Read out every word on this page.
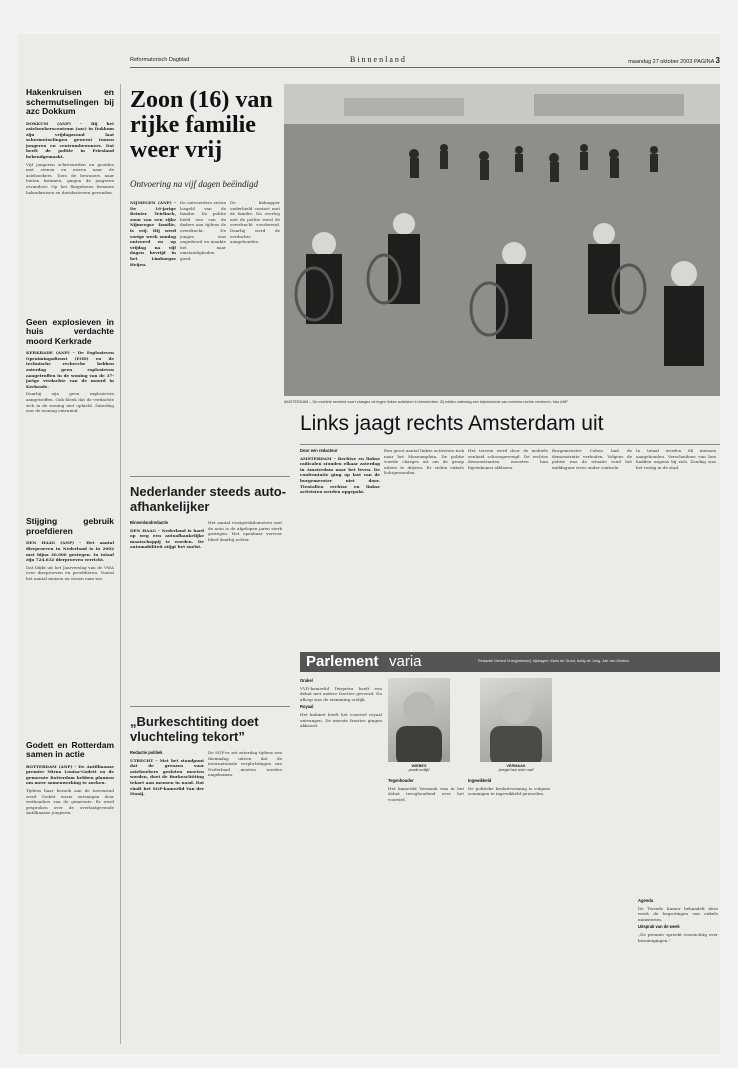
Reformatorisch Dagblad	Binnenland	maandag 27 oktober 2003 PAGINA 3
Hakenkruisen en schermutselingen bij azc Dokkum

DOKKUM (ANP) – Bij het asielzoekerscentrum (azc) in Dokkum zijn vrijdagavond laat schermutselingen geweest tussen jongeren en centrumbewoners. Dat heeft de politie in Friesland bekendgemaakt.

Vijf jongeren schreeuwden en gooiden met stenen en eieren naar de asielzoekers. Toen de bewoners naar buiten kwamen, gingen de jongeren ervandoor. Op het flatgebouw kwamen hakenkruisen en davidssterren gevonden.

Geen explosieven in huis verdachte moord Kerkrade

KERKRADE (ANP) – De Explosieven Opruimingsdienst (EOD) en de technische recherche hebben zaterdag geen explosieven aangetroffen in de woning van de 37-jarige verdachte van de moord in Kerkrade.

Daarbij zijn geen explosieven aangetroffen. Ook bleek dat de verdachte zich in de woning niet ophield. Zaterdag was de woning ontruimd.

Stijging gebruik proefdieren

DEN HAAG (ANP) – Het aantal dierproeven in Nederland is in 2002 met bijna 30.000 gestegen. In totaal zijn 724.632 dierproeven verricht.

Dat blijkt uit het Jaarverslag van de VWA over dierproeven en proefdieren. Vooral het aantal muizen en vissen nam toe.

Godett en Rotterdam samen in actie

ROTTERDAM (ANP) – De Antilliaanse premier Mirna Louisa-Godett en de gemeente Rotterdam hebben plannen om meer samenwerking te zoeken.

Tijdens haar bezoek aan de havenstad werd Godett warm ontvangen door wethouders van de gemeente. Er werd gesproken over de overlastgevende Antilliaanse jongeren.

Zoon (16) van rijke familie weer vrij
Ontvoering na vijf dagen beëindigd

NIJMEGEN (ANP) – De 16-jarige Reinier Teirlinck, zoon van een rijke Nijmeegse familie, is vrij. Hij werd vorige week zondag ontvoerd en op vrijdag na vijf dagen bevrijd in het Limburgse Heijen.

De ontvoerders eisten losgeld van de familie. De politie hield een van de daders aan tijdens de overdracht. De jongen was ongedeerd en maakte het naar omstandigheden goed.

De kidnapper onderhield contact met de familie. Na overleg met de politie werd de overdracht voorbereid. Daarbij werd de verdachte aangehouden.

AMSTERDAM – De mobiele eenheid voert charges uit tegen linkse activisten in Amsterdam. Zij wilden zaterdag een bijeenkomst van extreem-rechts verstoren. foto ANP
Links jaagt rechts Amsterdam uit

Door een redacteur

AMSTERDAM – Rechtse en linkse radicalen stonden elkaar zaterdag in Amsterdam naar het leven. De confrontatie ging op last van de burgemeester niet door. Tientallen rechtse en linkse activisten werden opgepakt.

Een groot aantal linkse activisten trok naar het Museumplein. De politie voerde charges uit om de groep uiteen te drijven. Er vielen enkele lichtgewonden.

Het terrein werd door de mobiele eenheid schoongeveegd. De rechtse demonstranten moesten hun bijeenkomst afblazen.

Burgemeester Cohen had de demonstratie verboden. Volgens de politie was de situatie rond het middaguur weer onder controle.

In totaal werden 84 mensen aangehouden. Verscheidene van hen hadden wapens bij zich. Zondag was het rustig in de stad.

Nederlander steeds auto-afhankelijker

Binnenlandredactie

DEN HAAG – Nederland is hard op weg een autoafhankelijke maatschappij te worden. De automobiliteit stijgt het snelst.

Het aantal reizigerskilometers met de auto is de afgelopen jaren sterk gestegen. Het openbaar vervoer bleef daarbij achter.

„Burkeschtiting doet vluchteling tekort”

Redactie politiek

UTRECHT – Met het standpunt dat de grenzen voor asielzoekers gesloten moeten worden, doet de Burkeschtiting tekort aan mensen in nood. Dat vindt het SGP-kamerlid Van der Staaij.

De SGP'er zet zaterdag tijdens een themadag uiteen dat de internationale verplichtingen van Nederland moeten worden nagekomen.

Parlement varia	Redactie Gerard Vroegindeweij, bijdragen: Kees de Groot, Addy de Jong, Jan van Klinken
WIEBES
„wordt vrolijk“
VERMAAK
„kregel hen over rust“

Orakel

VVD-kamerlid Teirpetra heeft een debat met andere fracties gevoerd. Na afloop was de stemming vrolijk.

Royaal

Het kabinet heeft het voorstel royaal ontvangen. De meeste fracties gingen akkoord.

Tegenhouder

Het kamerlid Vermaak was in het debat terughoudend over het voorstel.

Ingewikkeld

De politieke besluitvorming is volgens sommigen te ingewikkeld geworden.

Agenda

De Tweede Kamer behandelt deze week de begrotingen van enkele ministeries.

Uitsprak van de week

„De premier spreekt voorzichtig over bezuinigingen.”
